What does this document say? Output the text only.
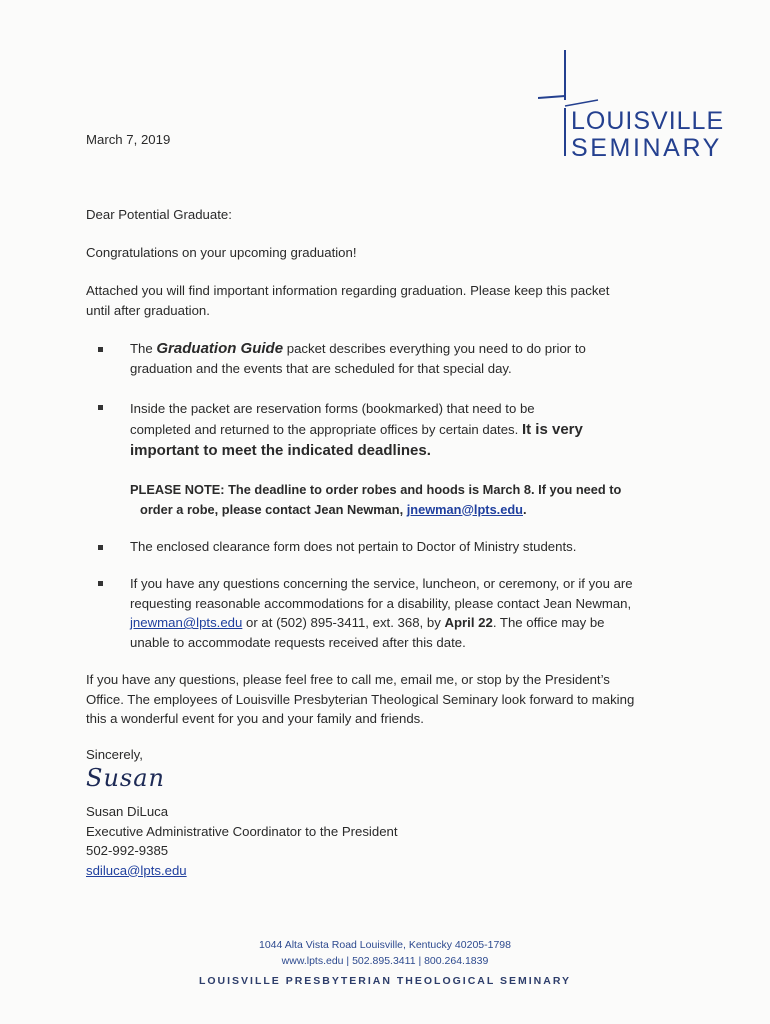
LOUISVILLE
SEMINARY

March 7, 2019

Dear Potential Graduate:

Congratulations on your upcoming graduation!

Attached you will find important information regarding graduation. Please keep this packet
until after graduation.

The Graduation Guide packet describes everything you need to do prior to
graduation and the events that are scheduled for that special day.

Inside the packet are reservation forms (bookmarked) that need to be
completed and returned to the appropriate offices by certain dates. It is very
important to meet the indicated deadlines.

PLEASE NOTE: The deadline to order robes and hoods is March 8. If you need to
order a robe, please contact Jean Newman, jnewman@lpts.edu.

The enclosed clearance form does not pertain to Doctor of Ministry students.

If you have any questions concerning the service, luncheon, or ceremony, or if you are
requesting reasonable accommodations for a disability, please contact Jean Newman,
jnewman@lpts.edu or at (502) 895-3411, ext. 368, by April 22. The office may be
unable to accommodate requests received after this date.

If you have any questions, please feel free to call me, email me, or stop by the President’s
Office. The employees of Louisville Presbyterian Theological Seminary look forward to making
this a wonderful event for you and your family and friends.

Sincerely,

Susan

Susan DiLuca
Executive Administrative Coordinator to the President
502-992-9385
sdiluca@lpts.edu

1044 Alta Vista Road Louisville, Kentucky 40205-1798
www.lpts.edu | 502.895.3411 | 800.264.1839
LOUISVILLE PRESBYTERIAN THEOLOGICAL SEMINARY
